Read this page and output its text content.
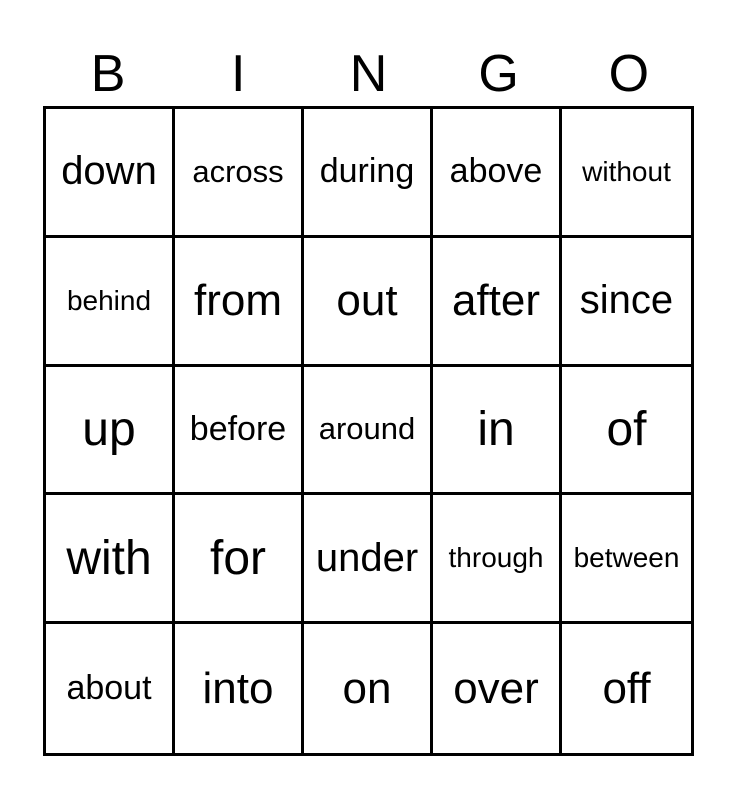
B	I	N	G	O
down across during above without
behind from out after since
up before around in of
with for under through between
about into on over off
